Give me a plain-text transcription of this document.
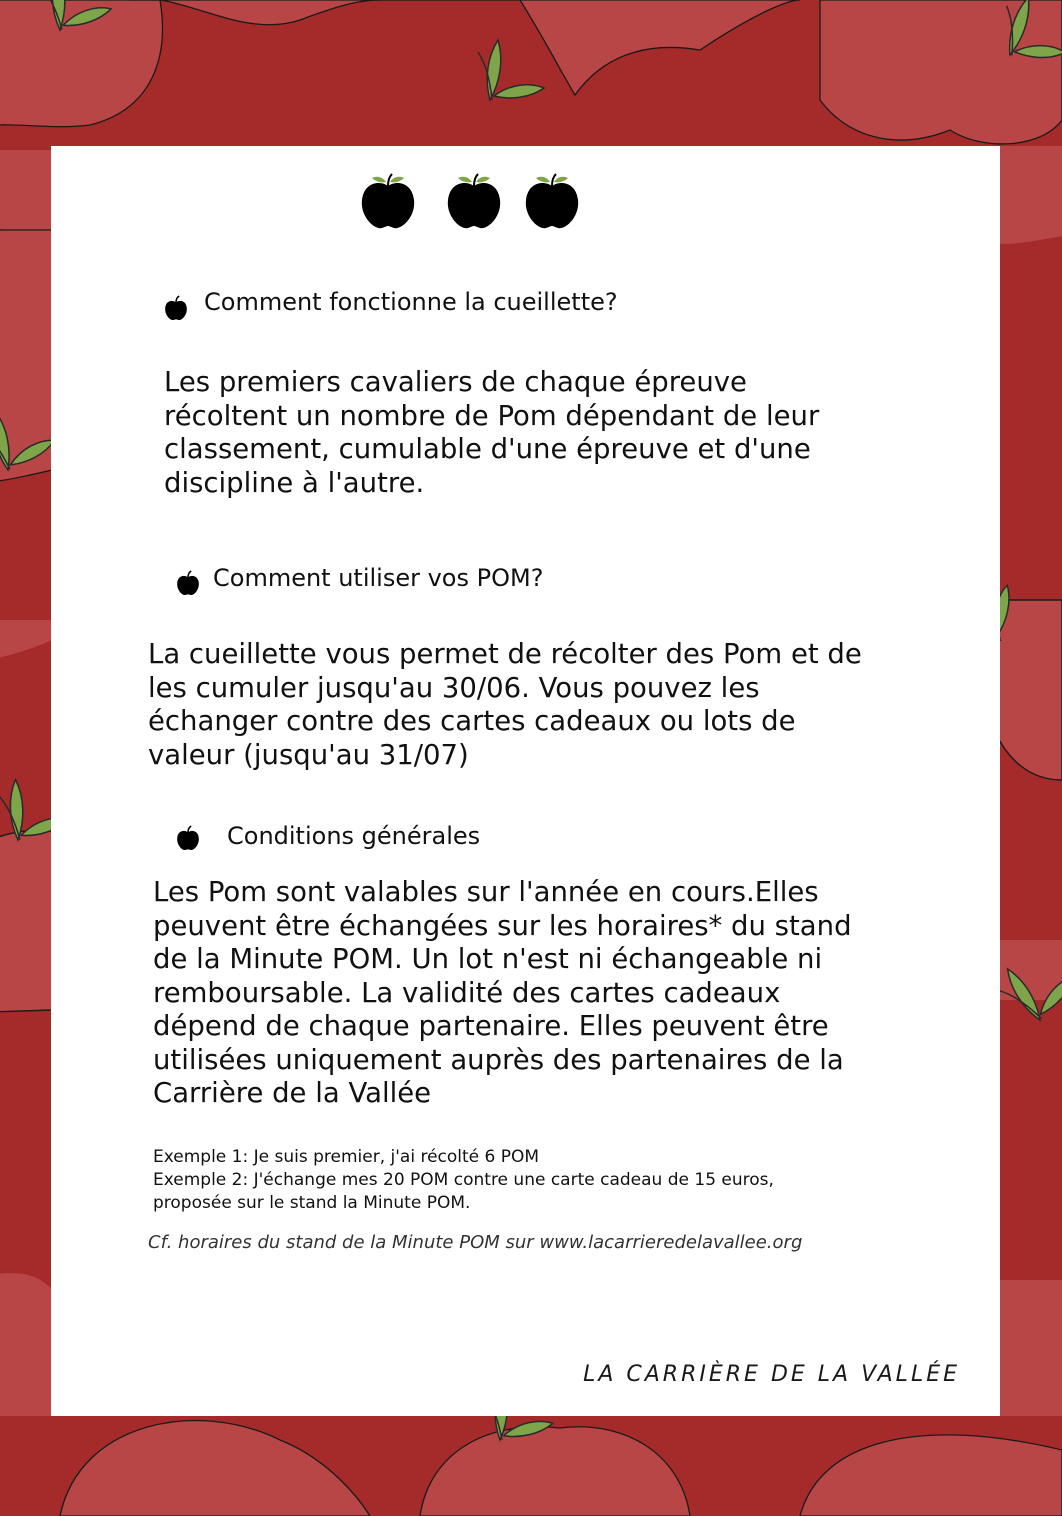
Comment fonctionne la cueillette?
Les premiers cavaliers de chaque épreuve
récoltent un nombre de Pom dépendant de leur
classement, cumulable d'une épreuve et d'une
discipline à l'autre.
Comment utiliser vos POM?
La cueillette vous permet de récolter des Pom et de
les cumuler jusqu'au 30/06. Vous pouvez les
échanger contre des cartes cadeaux ou lots de
valeur (jusqu'au 31/07)
Conditions générales
Les Pom sont valables sur l'année en cours.Elles
peuvent être échangées sur les horaires* du stand
de la Minute POM. Un lot n'est ni échangeable ni
remboursable. La validité des cartes cadeaux
dépend de chaque partenaire. Elles peuvent être
utilisées uniquement auprès des partenaires de la
Carrière de la Vallée
Exemple 1: Je suis premier, j'ai récolté 6 POM
Exemple 2: J'échange mes 20 POM contre une carte cadeau de 15 euros,
proposée sur le stand la Minute POM.
Cf. horaires du stand de la Minute POM sur www.lacarrieredelavallee.org
LA CARRIÈRE DE LA VALLÉE
